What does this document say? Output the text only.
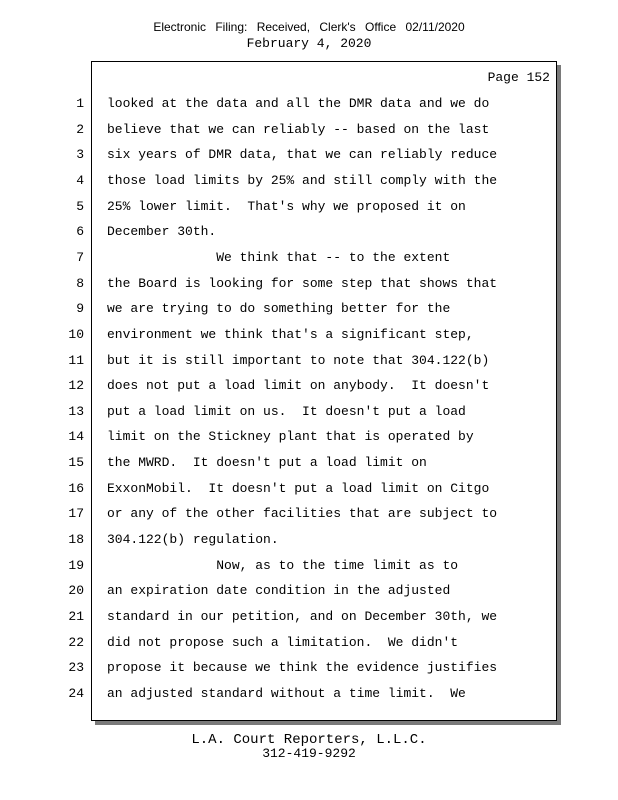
Electronic Filing: Received, Clerk's Office 02/11/2020
February 4, 2020
Page 152
1 looked at the data and all the DMR data and we do
2 believe that we can reliably -- based on the last
3 six years of DMR data, that we can reliably reduce
4 those load limits by 25% and still comply with the
5 25% lower limit.  That's why we proposed it on
6 December 30th.
7 We think that -- to the extent
8 the Board is looking for some step that shows that
9 we are trying to do something better for the
10 environment we think that's a significant step,
11 but it is still important to note that 304.122(b)
12 does not put a load limit on anybody.  It doesn't
13 put a load limit on us.  It doesn't put a load
14 limit on the Stickney plant that is operated by
15 the MWRD.  It doesn't put a load limit on
16 ExxonMobil.  It doesn't put a load limit on Citgo
17 or any of the other facilities that are subject to
18 304.122(b) regulation.
19 Now, as to the time limit as to
20 an expiration date condition in the adjusted
21 standard in our petition, and on December 30th, we
22 did not propose such a limitation.  We didn't
23 propose it because we think the evidence justifies
24 an adjusted standard without a time limit.  We
L.A. Court Reporters, L.L.C.
312-419-9292
